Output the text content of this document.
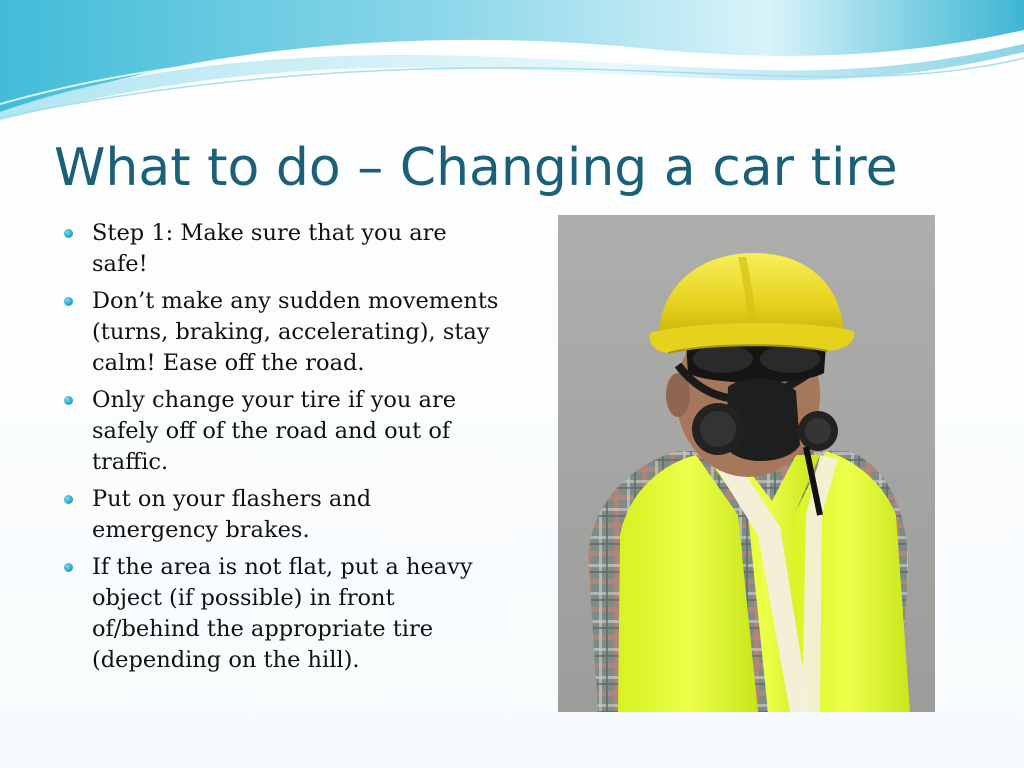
What to do – Changing a car tire
Step 1: Make sure that you are safe!
Don’t make any sudden movements (turns, braking, accelerating), stay calm! Ease off the road.
Only change your tire if you are safely off of the road and out of traffic.
Put on your flashers and emergency brakes.
If the area is not flat, put a heavy object (if possible) in front of/behind the appropriate tire (depending on the hill).
